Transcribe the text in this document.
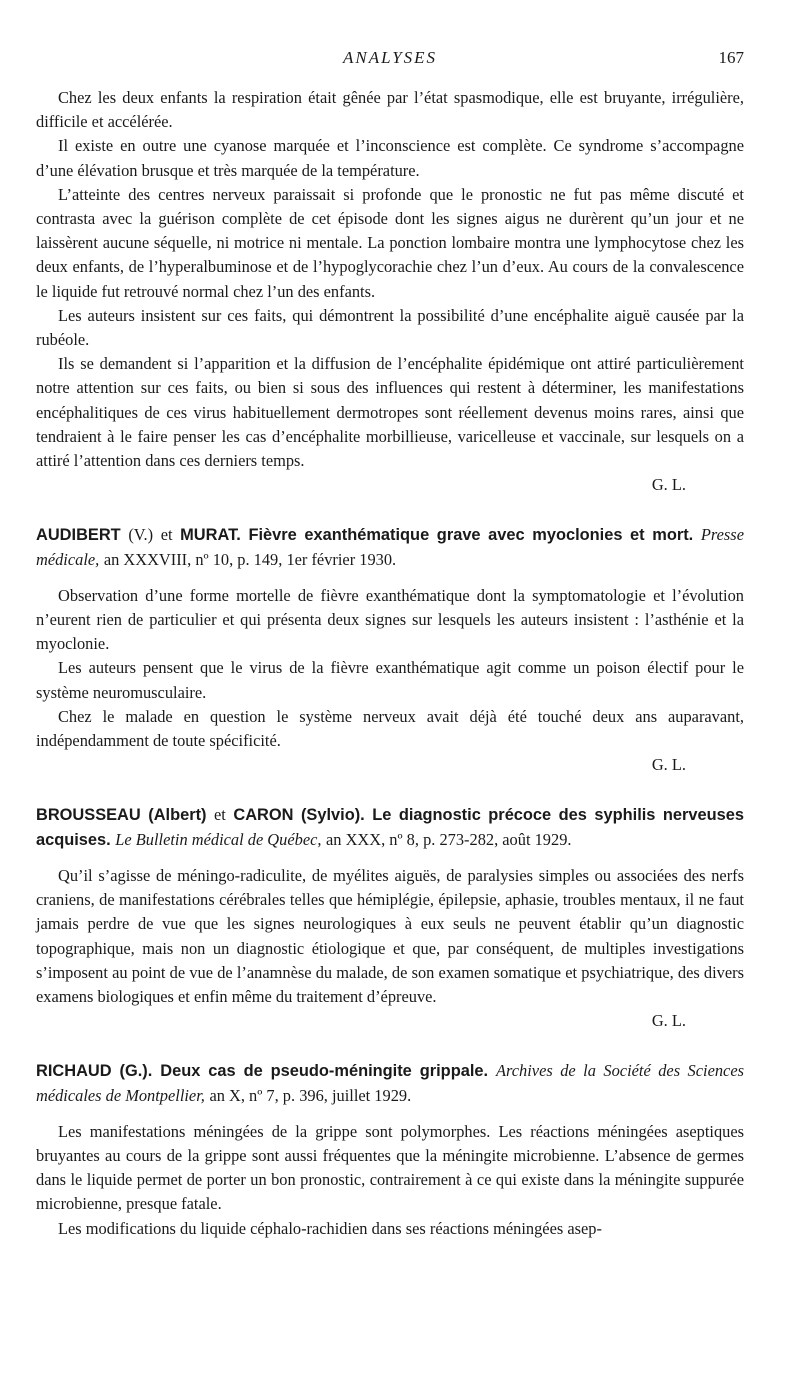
ANALYSES	167

Chez les deux enfants la respiration était gênée par l’état spasmodique, elle est bruyante, irrégulière, difficile et accélérée.

Il existe en outre une cyanose marquée et l’inconscience est complète. Ce syndrome s’accompagne d’une élévation brusque et très marquée de la température.

L’atteinte des centres nerveux paraissait si profonde que le pronostic ne fut pas même discuté et contrasta avec la guérison complète de cet épisode dont les signes aigus ne durèrent qu’un jour et ne laissèrent aucune séquelle, ni motrice ni mentale. La ponction lombaire montra une lymphocytose chez les deux enfants, de l’hyperalbuminose et de l’hypoglycorachie chez l’un d’eux. Au cours de la convalescence le liquide fut retrouvé normal chez l’un des enfants.

Les auteurs insistent sur ces faits, qui démontrent la possibilité d’une encéphalite aiguë causée par la rubéole.

Ils se demandent si l’apparition et la diffusion de l’encéphalite épidémique ont attiré particulièrement notre attention sur ces faits, ou bien si sous des influences qui restent à déterminer, les manifestations encéphalitiques de ces virus habituellement dermotropes sont réellement devenus moins rares, ainsi que tendraient à le faire penser les cas d’encéphalite morbillieuse, varicelleuse et vaccinale, sur lesquels on a attiré l’attention dans ces derniers temps.
G. L.

AUDIBERT (V.) et MURAT. Fièvre exanthématique grave avec myoclonies et mort. Presse médicale, an XXXVIII, nº 10, p. 149, 1er février 1930.

Observation d’une forme mortelle de fièvre exanthématique dont la symptomatologie et l’évolution n’eurent rien de particulier et qui présenta deux signes sur lesquels les auteurs insistent : l’asthénie et la myoclonie.

Les auteurs pensent que le virus de la fièvre exanthématique agit comme un poison électif pour le système neuromusculaire.

Chez le malade en question le système nerveux avait déjà été touché deux ans auparavant, indépendamment de toute spécificité.
G. L.

BROUSSEAU (Albert) et CARON (Sylvio). Le diagnostic précoce des syphilis nerveuses acquises. Le Bulletin médical de Québec, an XXX, nº 8, p. 273-282, août 1929.

Qu’il s’agisse de méningo-radiculite, de myélites aiguës, de paralysies simples ou associées des nerfs craniens, de manifestations cérébrales telles que hémiplégie, épilepsie, aphasie, troubles mentaux, il ne faut jamais perdre de vue que les signes neurologiques à eux seuls ne peuvent établir qu’un diagnostic topographique, mais non un diagnostic étiologique et que, par conséquent, de multiples investigations s’imposent au point de vue de l’anamnèse du malade, de son examen somatique et psychiatrique, des divers examens biologiques et enfin même du traitement d’épreuve.
G. L.

RICHAUD (G.). Deux cas de pseudo-méningite grippale. Archives de la Société des Sciences médicales de Montpellier, an X, nº 7, p. 396, juillet 1929.

Les manifestations méningées de la grippe sont polymorphes. Les réactions méningées aseptiques bruyantes au cours de la grippe sont aussi fréquentes que la méningite microbienne. L’absence de germes dans le liquide permet de porter un bon pronostic, contrairement à ce qui existe dans la méningite suppurée microbienne, presque fatale.

Les modifications du liquide céphalo-rachidien dans ses réactions méningées asep-
